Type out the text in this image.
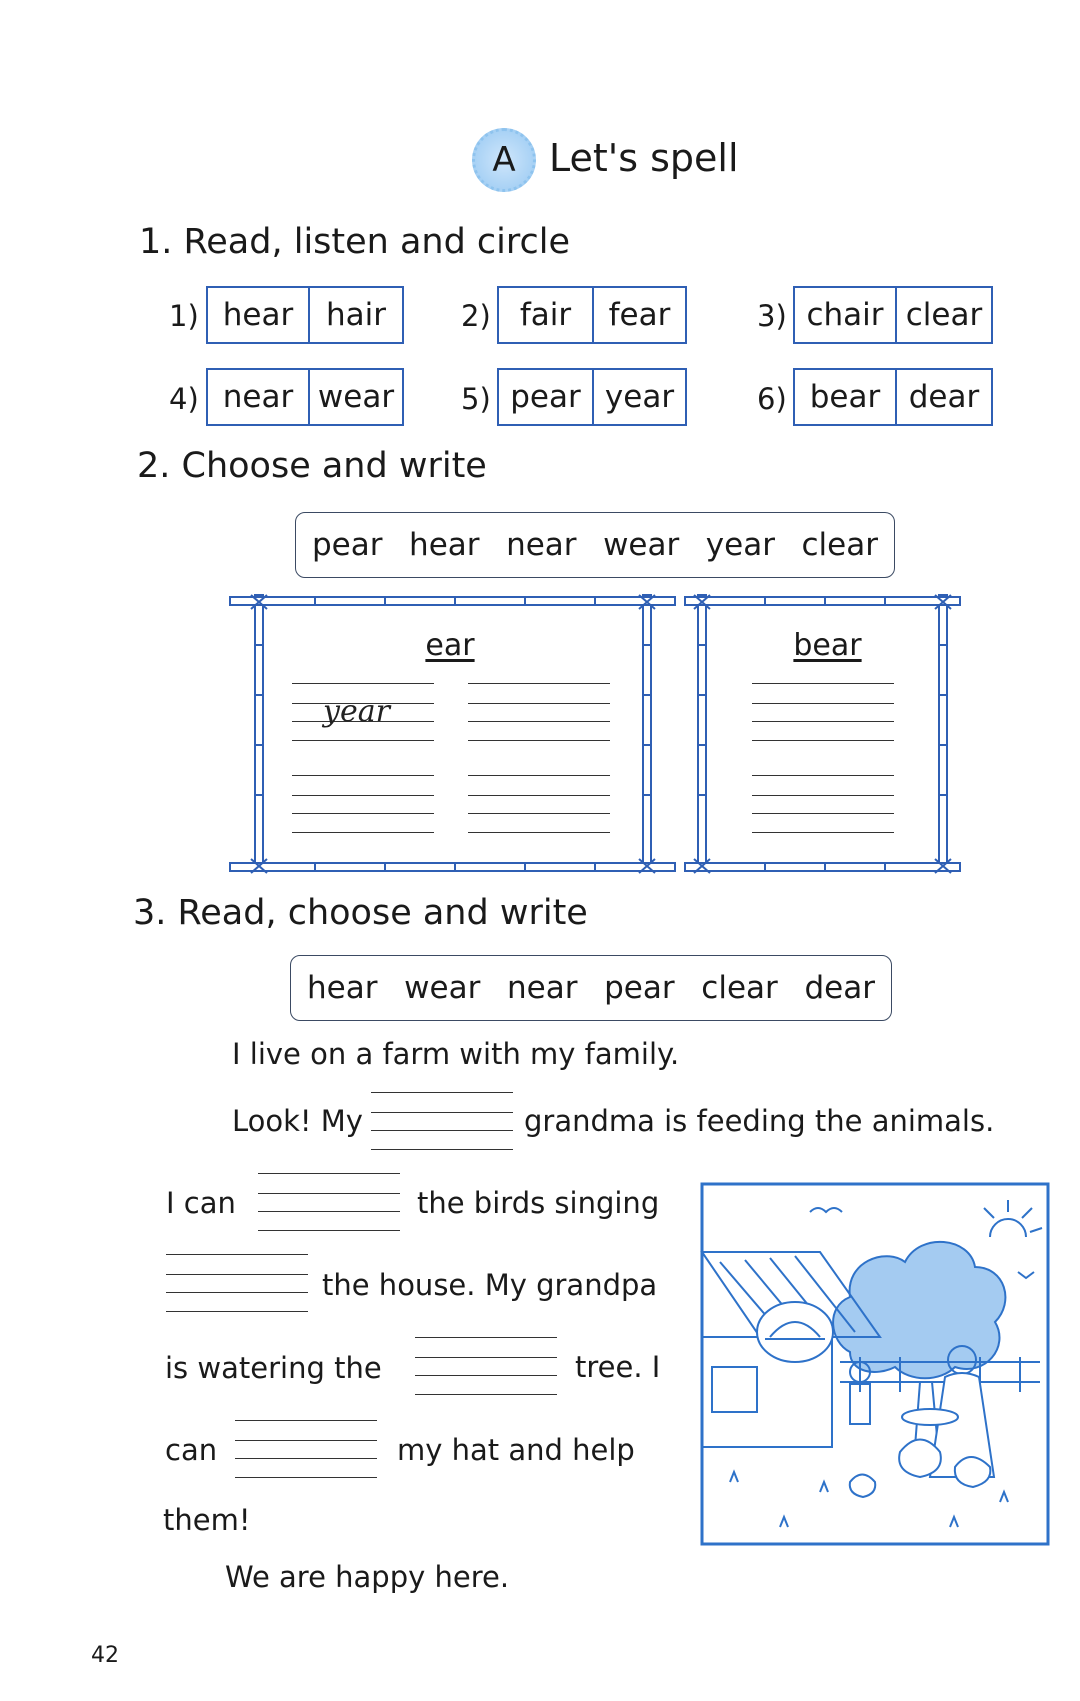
A Let's spell
1. Read, listen and circle
1) hear	hair	2) fair	fear	3) chair clear
4) near wear 5) pear year	6) bear dear
2. Choose and write
pear hear near wear year clear
ear	bear
year
3. Read, choose and write
hear wear near pear clear dear
I live on a farm with my family.
Look! My	grandma is feeding the animals.
I can	the birds singing
the house. My grandpa
is watering the	tree. I
can	my hat and help
them!
We are happy here.
42
